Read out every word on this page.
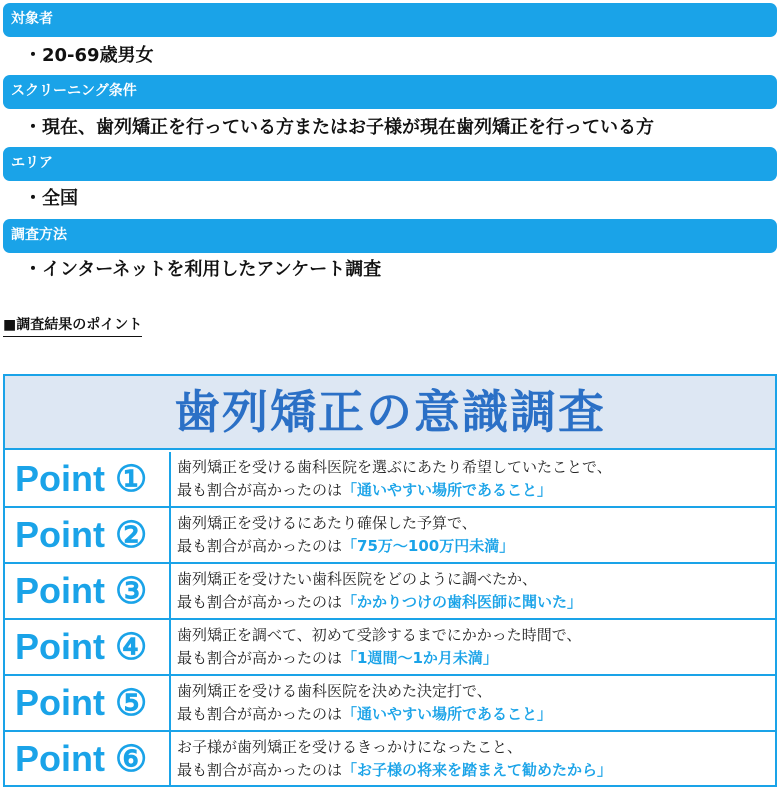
対象者
・20-69歳男女
スクリーニング条件
・現在、歯列矯正を行っている方またはお子様が現在歯列矯正を行っている方
エリア
・全国
調査方法
・インターネットを利用したアンケート調査
■調査結果のポイント
歯列矯正の意識調査
Point ①	歯列矯正を受ける歯科医院を選ぶにあたり希望していたことで、
最も割合が高かったのは「通いやすい場所であること」
Point ②	歯列矯正を受けるにあたり確保した予算で、
最も割合が高かったのは「75万〜100万円未満」
Point ③	歯列矯正を受けたい歯科医院をどのように調べたか、
最も割合が高かったのは「かかりつけの歯科医師に聞いた」
Point ④	歯列矯正を調べて、初めて受診するまでにかかった時間で、
最も割合が高かったのは「1週間〜1か月未満」
Point ⑤	歯列矯正を受ける歯科医院を決めた決定打で、
最も割合が高かったのは「通いやすい場所であること」
Point ⑥	お子様が歯列矯正を受けるきっかけになったこと、
最も割合が高かったのは「お子様の将来を踏まえて勧めたから」
